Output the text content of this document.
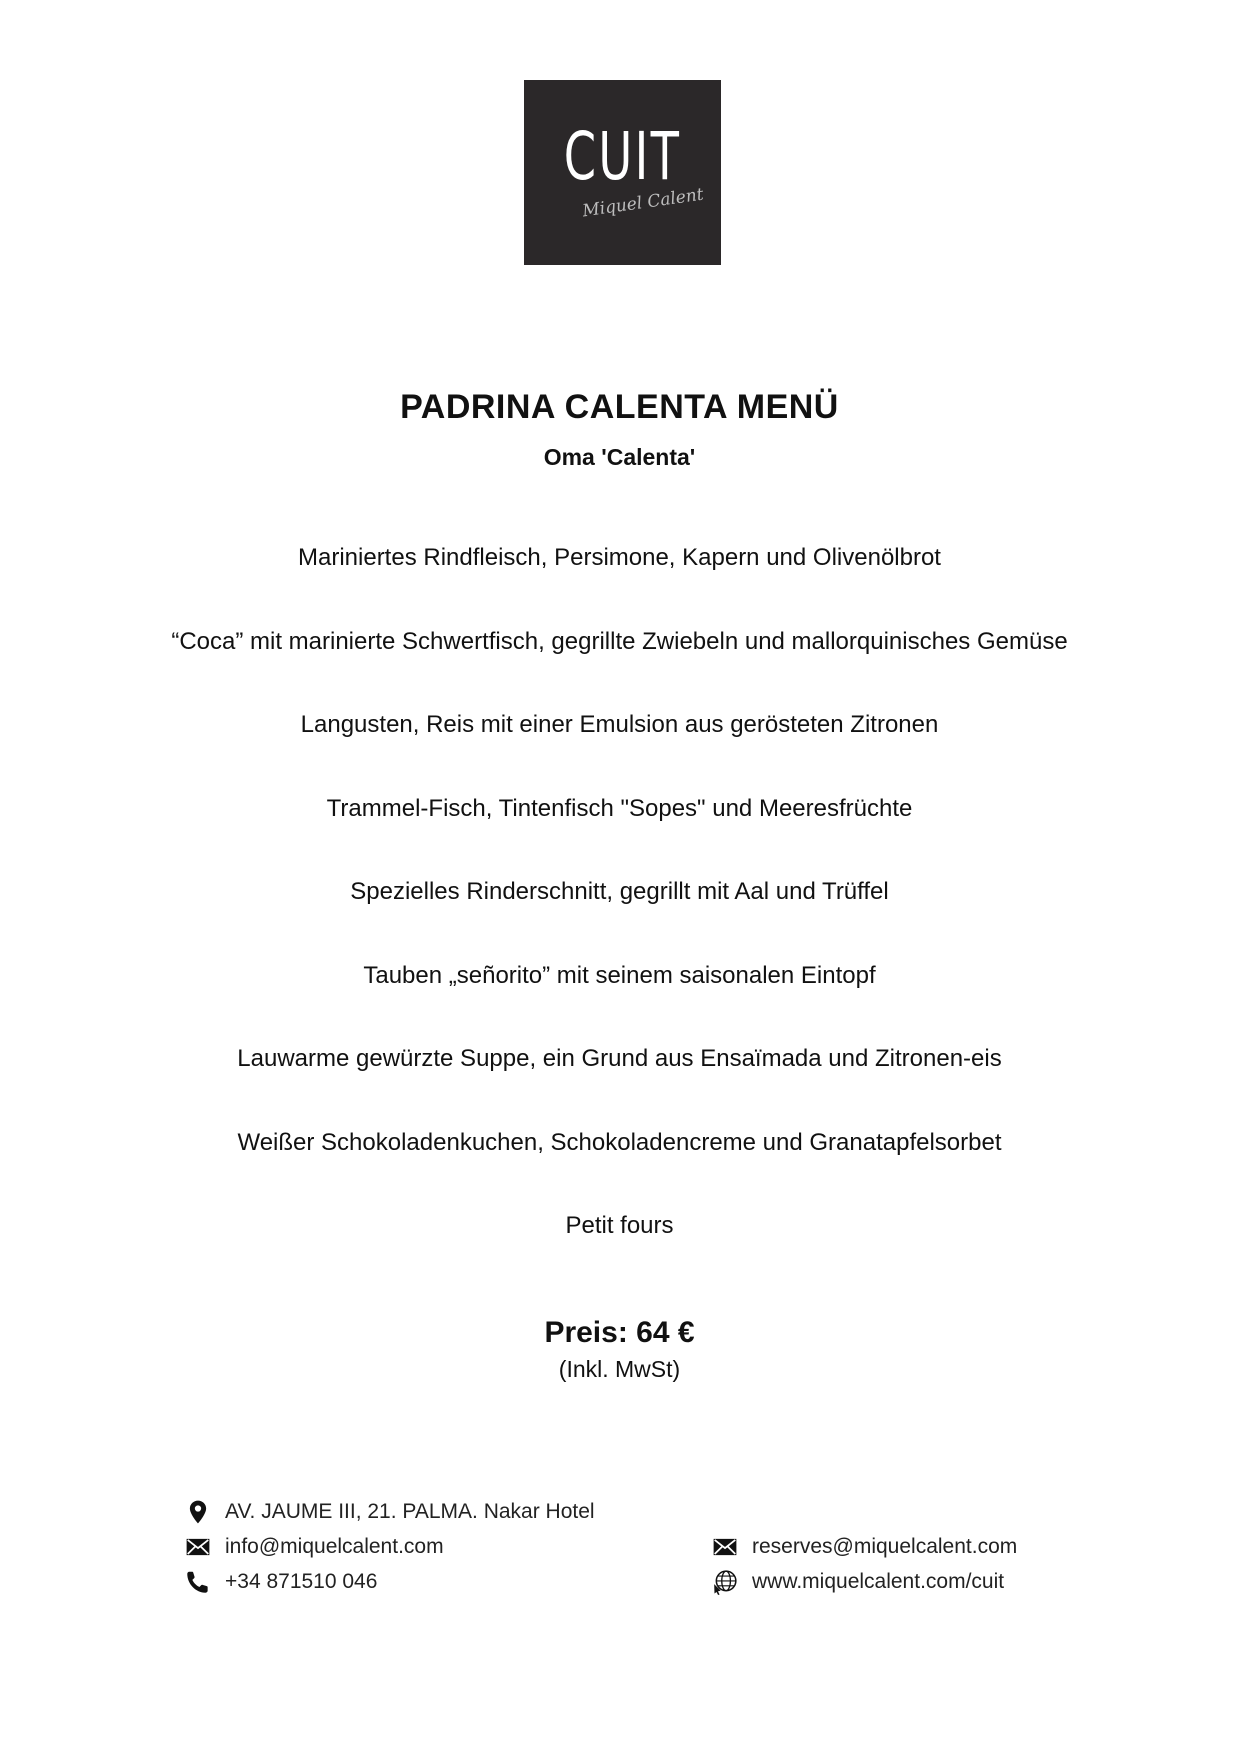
CUIT
Miquel Calent
PADRINA CALENTA MENÜ
Oma 'Calenta'
Mariniertes Rindfleisch, Persimone, Kapern und Olivenölbrot
“Coca” mit marinierte Schwertfisch, gegrillte Zwiebeln und mallorquinisches Gemüse
Langusten, Reis mit einer Emulsion aus gerösteten Zitronen
Trammel-Fisch, Tintenfisch "Sopes" und Meeresfrüchte
Spezielles Rinderschnitt, gegrillt mit Aal und Trüffel
Tauben „señorito” mit seinem saisonalen Eintopf
Lauwarme gewürzte Suppe, ein Grund aus Ensaïmada und Zitronen-eis
Weißer Schokoladenkuchen, Schokoladencreme und Granatapfelsorbet
Petit fours
Preis: 64 €
(Inkl. MwSt)
AV. JAUME III, 21. PALMA. Nakar Hotel
info@miquelcalent.com
+34 871510 046
reserves@miquelcalent.com
www.miquelcalent.com/cuit
